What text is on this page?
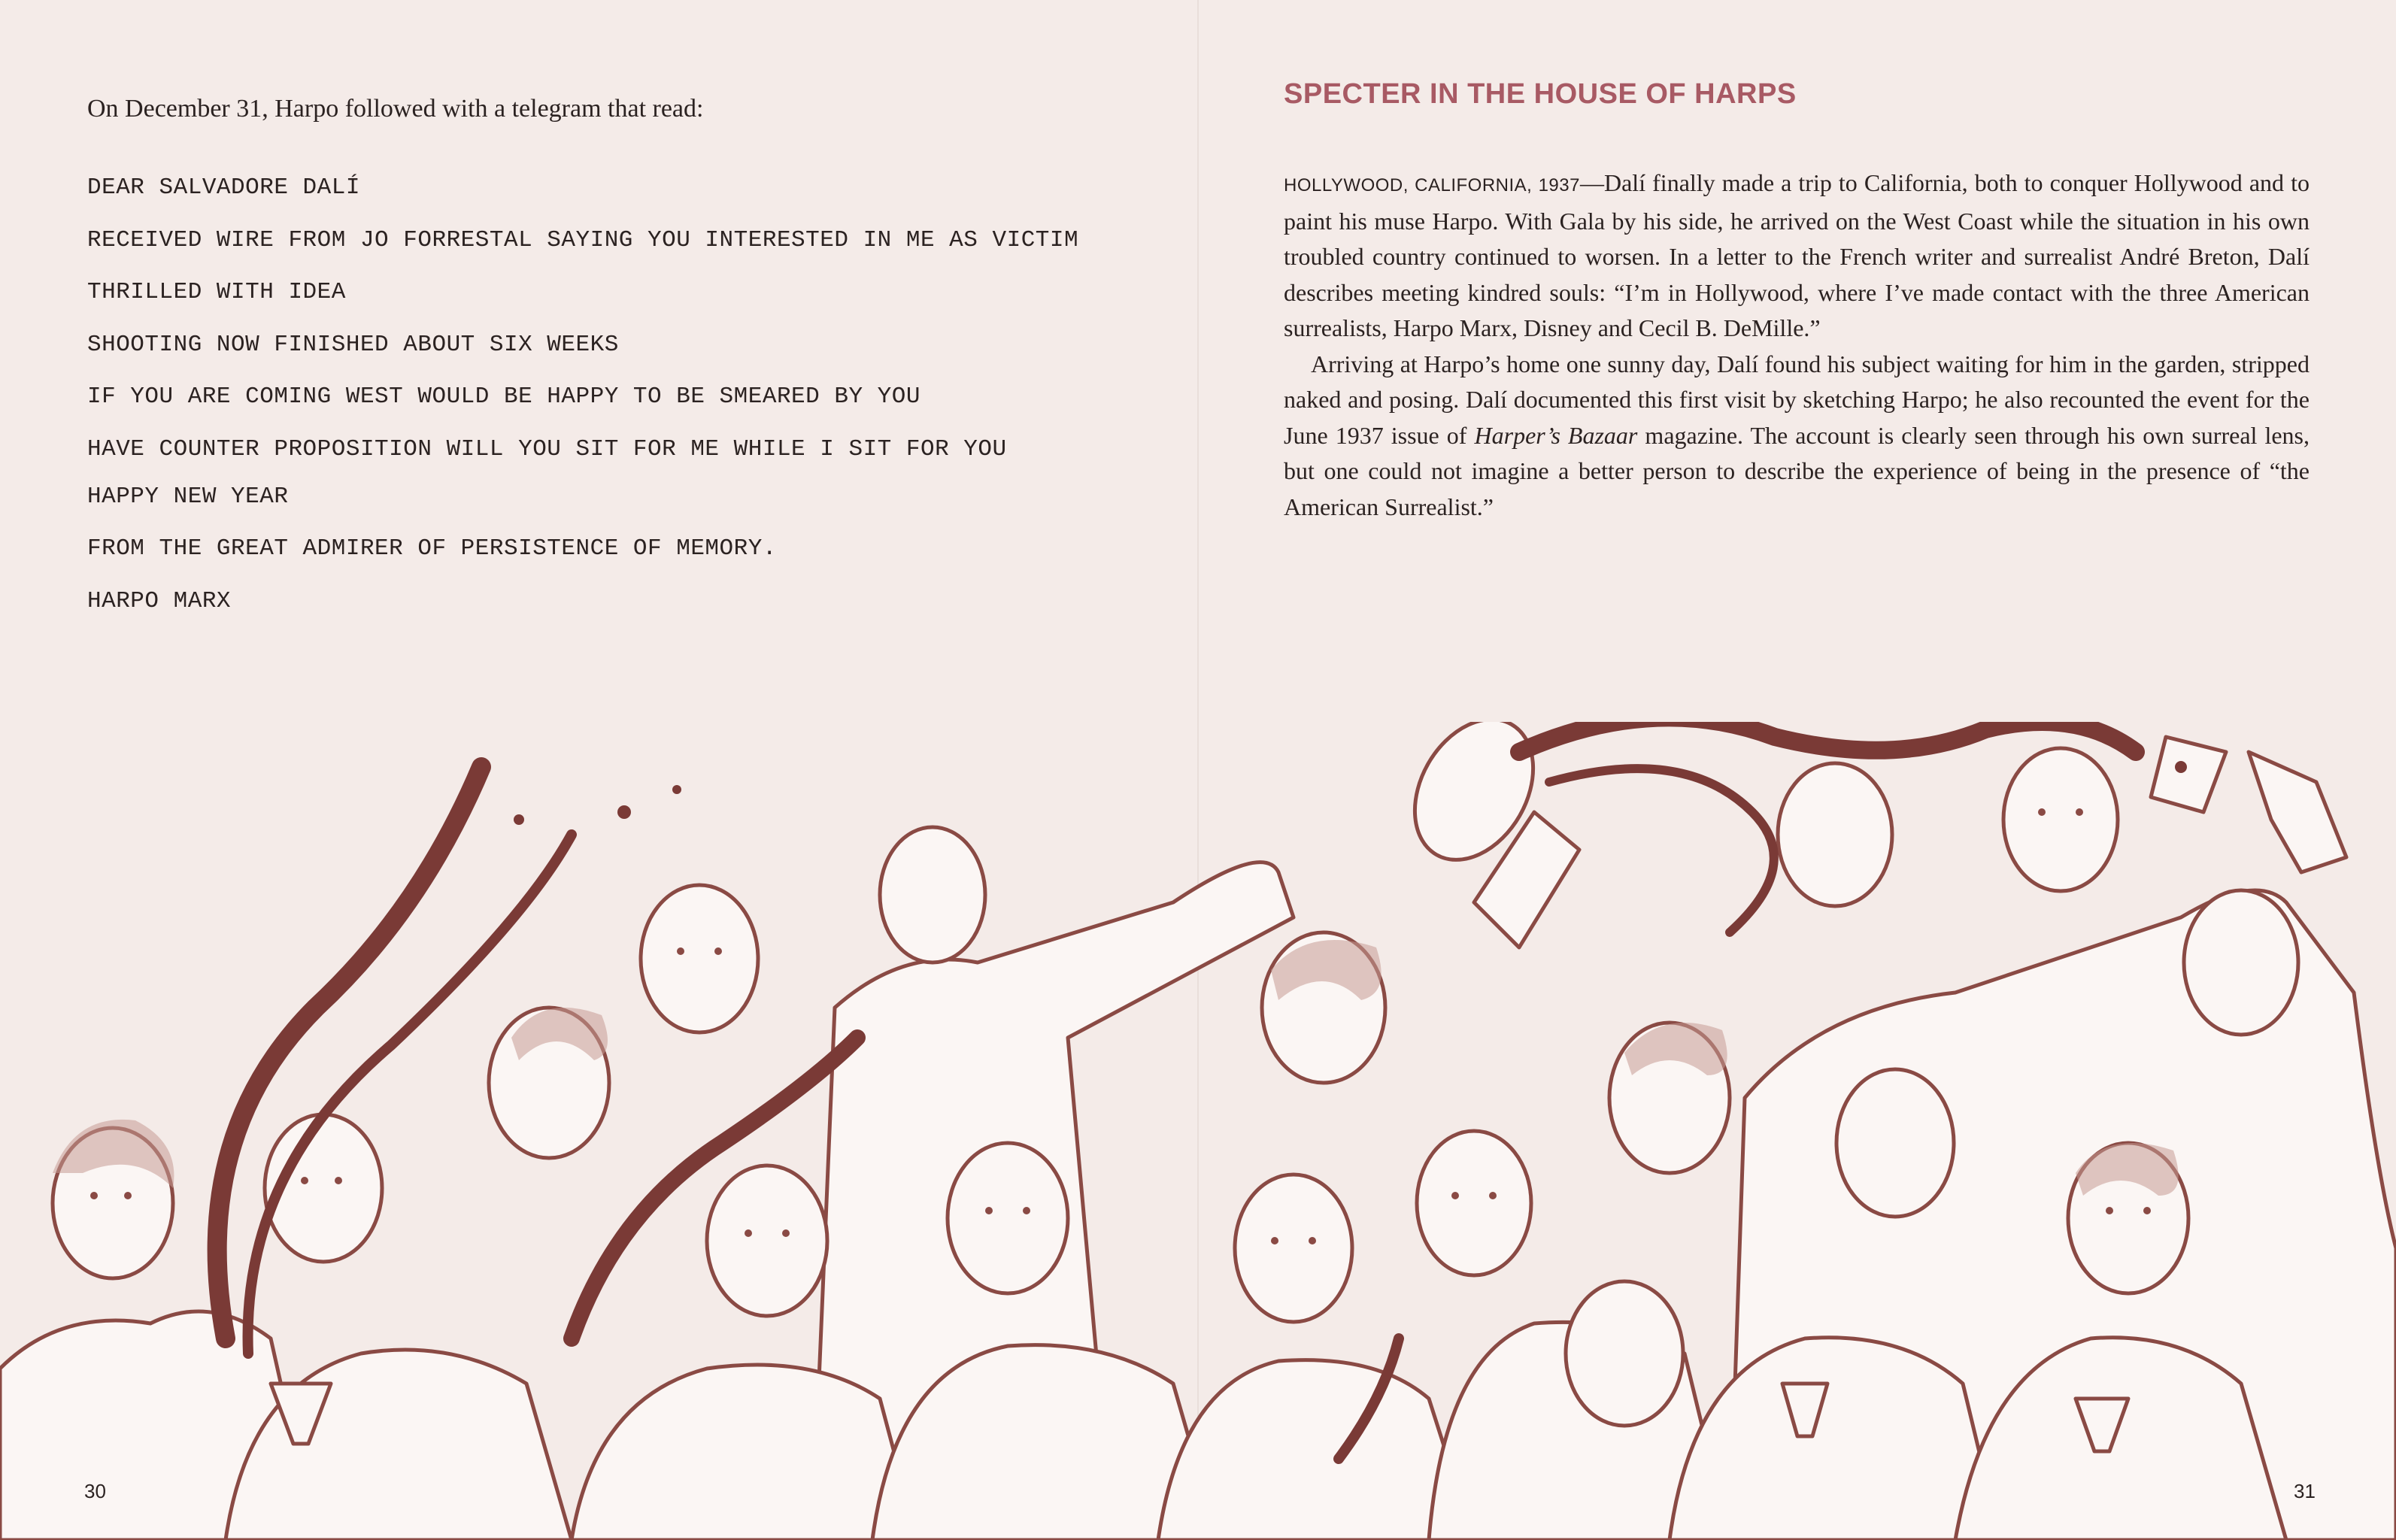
On December 31, Harpo followed with a telegram that read:

DEAR SALVADORE DALÍ
RECEIVED WIRE FROM JO FORRESTAL SAYING YOU INTERESTED IN ME AS VICTIM
THRILLED WITH IDEA
SHOOTING NOW FINISHED ABOUT SIX WEEKS
IF YOU ARE COMING WEST WOULD BE HAPPY TO BE SMEARED BY YOU
HAVE COUNTER PROPOSITION WILL YOU SIT FOR ME WHILE I SIT FOR YOU
HAPPY NEW YEAR
FROM THE GREAT ADMIRER OF PERSISTENCE OF MEMORY.
HARPO MARX
SPECTER IN THE HOUSE OF HARPS

HOLLYWOOD, CALIFORNIA, 1937—Dalí finally made a trip to California, both to conquer Hollywood and to paint his muse Harpo. With Gala by his side, he arrived on the West Coast while the situation in his own troubled country continued to worsen. In a letter to the French writer and surrealist André Breton, Dalí describes meeting kindred souls: “I’m in Hollywood, where I’ve made contact with the three American surrealists, Harpo Marx, Disney and Cecil B. DeMille.”

Arriving at Harpo’s home one sunny day, Dalí found his subject waiting for him in the garden, stripped naked and posing. Dalí documented this first visit by sketching Harpo; he also recounted the event for the June 1937 issue of Harper’s Bazaar magazine. The account is clearly seen through his own surreal lens, but one could not imagine a better person to describe the experience of being in the presence of “the American Surrealist.”

30	31
